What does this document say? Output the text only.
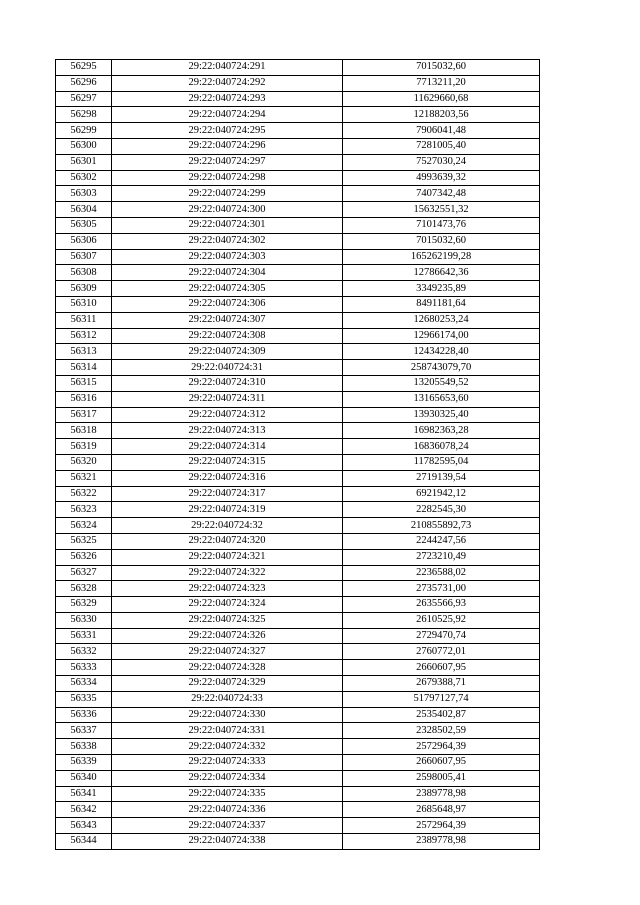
56295	29:22:040724:291	7015032,60
56296	29:22:040724:292	7713211,20
56297	29:22:040724:293	11629660,68
56298	29:22:040724:294	12188203,56
56299	29:22:040724:295	7906041,48
56300	29:22:040724:296	7281005,40
56301	29:22:040724:297	7527030,24
56302	29:22:040724:298	4993639,32
56303	29:22:040724:299	7407342,48
56304	29:22:040724:300	15632551,32
56305	29:22:040724:301	7101473,76
56306	29:22:040724:302	7015032,60
56307	29:22:040724:303	165262199,28
56308	29:22:040724:304	12786642,36
56309	29:22:040724:305	3349235,89
56310	29:22:040724:306	8491181,64
56311	29:22:040724:307	12680253,24
56312	29:22:040724:308	12966174,00
56313	29:22:040724:309	12434228,40
56314	29:22:040724:31	258743079,70
56315	29:22:040724:310	13205549,52
56316	29:22:040724:311	13165653,60
56317	29:22:040724:312	13930325,40
56318	29:22:040724:313	16982363,28
56319	29:22:040724:314	16836078,24
56320	29:22:040724:315	11782595,04
56321	29:22:040724:316	2719139,54
56322	29:22:040724:317	6921942,12
56323	29:22:040724:319	2282545,30
56324	29:22:040724:32	210855892,73
56325	29:22:040724:320	2244247,56
56326	29:22:040724:321	2723210,49
56327	29:22:040724:322	2236588,02
56328	29:22:040724:323	2735731,00
56329	29:22:040724:324	2635566,93
56330	29:22:040724:325	2610525,92
56331	29:22:040724:326	2729470,74
56332	29:22:040724:327	2760772,01
56333	29:22:040724:328	2660607,95
56334	29:22:040724:329	2679388,71
56335	29:22:040724:33	51797127,74
56336	29:22:040724:330	2535402,87
56337	29:22:040724:331	2328502,59
56338	29:22:040724:332	2572964,39
56339	29:22:040724:333	2660607,95
56340	29:22:040724:334	2598005,41
56341	29:22:040724:335	2389778,98
56342	29:22:040724:336	2685648,97
56343	29:22:040724:337	2572964,39
56344	29:22:040724:338	2389778,98
